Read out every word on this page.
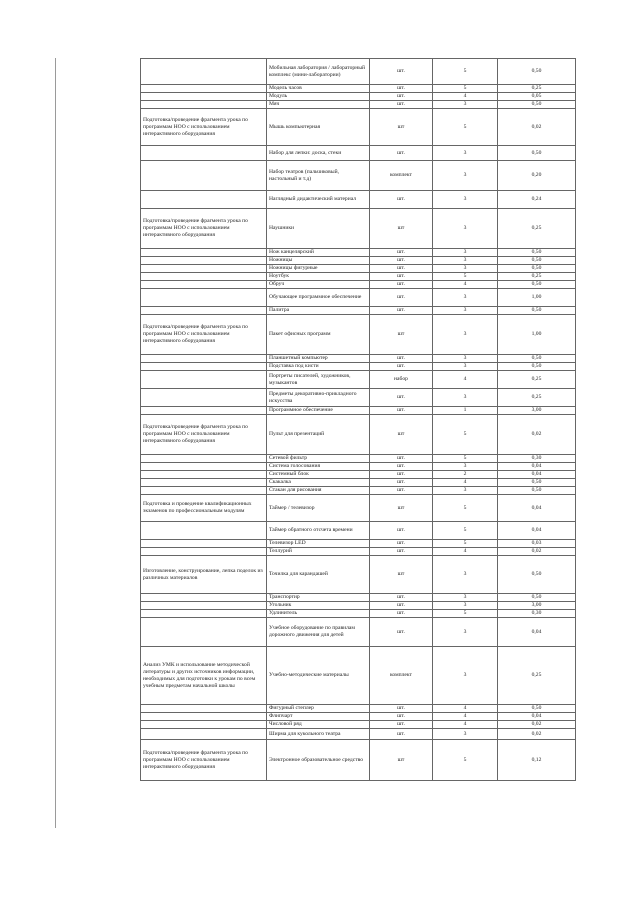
	Мобильная лаборатория / лабораторный комплекс (мини-лаборатории)	шт.	5	0,50
	Модель часов	шт.	5	0,25
	Модуль	шт.	4	0,05
	Мяч	шт.	3	0,50
Подготовка/проведение фрагмента урока по программам НОО с использованием интерактивного оборудования	Мышь компьютерная	шт	5	0,02
	Набор для лепки: доска, стеки	шт.	3	0,50
	Набор театров (пальчиковый, настольный и т.д)	комплект	3	0,20
	Наглядный дидактический материал	шт.	3	0,24
Подготовка/проведение фрагмента урока по программам НОО с использованием интерактивного оборудования	Наушники	шт	3	0,25
	Нож канцелярский	шт.	3	0,50
	Ножницы	шт.	3	0,50
	Ножницы фигурные	шт.	3	0,50
	Ноутбук	шт.	5	0,25
	Обруч	шт.	4	0,50
	Обучающее программное обеспечение	шт.	3	1,00
	Палитра	шт.	3	0,50
Подготовка/проведение фрагмента урока по программам НОО с использованием интерактивного оборудования	Пакет офисных программ	шт	3	1,00
	Планшетный компьютер	шт.	3	0,50
	Подставка под кисти	шт.	3	0,50
	Портреты писателей, художников, музыкантов	набор	4	0,25
	Предметы декоративно-прикладного искусства	шт.	3	0,25
	Программное обеспечение	шт.	1	3,00
Подготовка/проведение фрагмента урока по программам НОО с использованием интерактивного оборудования	Пульт для презентаций	шт	5	0,02
	Сетевой фильтр	шт.	5	0,30
	Система голосования	шт.	3	0,04
	Системный блок	шт.	2	0,04
	Скакалка	шт.	4	0,50
	Стакан для рисования	шт.	3	0,50
Подготовка и проведение квалификационных экзаменов по профессиональным модулям	Таймер / телевизор	шт	5	0,04
	Таймер обратного отсчета времени	шт.	5	0,04
	Телевизор LED	шт.	5	0,03
	Теллурий	шт.	4	0,02
Изготовление, конструирование, лепка поделок из различных материалов	Точилка для карандашей	шт	3	0,50
	Транспортир	шт.	3	0,50
	Угольник	шт.	3	3,00
	Удлинитель	шт.	5	0,30
	Учебное оборудование по правилам дорожного движения для детей	шт.	3	0,04
Анализ УМК и использование методической литературы и других источников информации, необходимых для подготовки к урокам по всем учебным предметам начальной школы	Учебно-методические материалы	комплект	3	0,25
	Фигурный степлер	шт.	4	0,50
	Флипчарт	шт.	4	0,04
	Числовой ряд	шт.	4	0,02
	Ширма для кукольного театра	шт.	3	0,02
Подготовка/проведение фрагмента урока по программам НОО с использованием интерактивного оборудования	Электронное образовательное средство	шт	5	0,12
